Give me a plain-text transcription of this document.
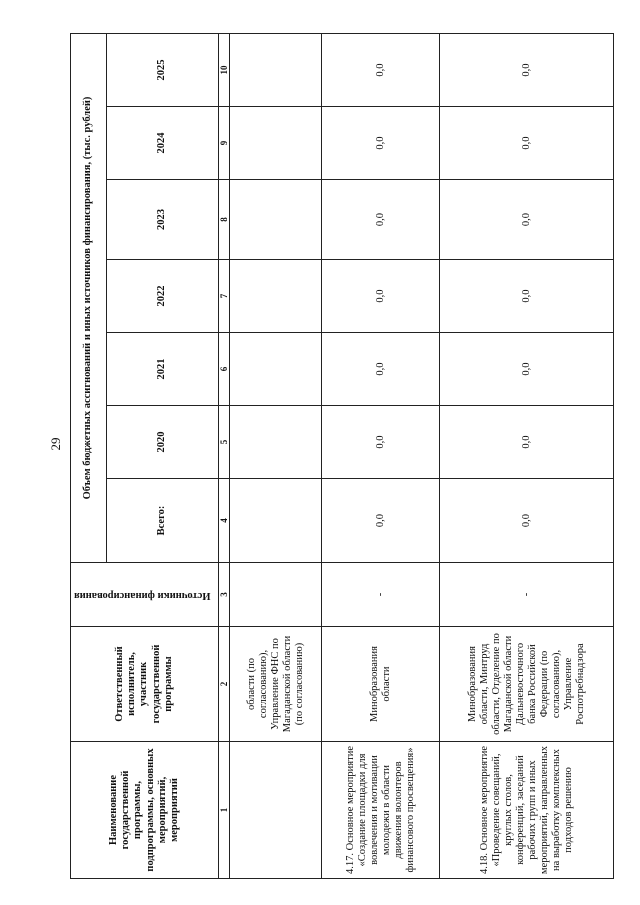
29
Наименование государственной программы, подпрограммы, основных мероприятий, мероприятий	Ответственный исполнитель, участник государственной программы	Источники финансирования	Объем бюджетных ассигнований и иных источников финансирования, (тыс. рублей)						
			Всего:	2020	2021	2022	2023	2024	2025
1	2	3	4	5	6	7	8	9	10
	области (по согласованию), Управление ФНС по Магаданской области (по согласованию)								
4.17. Основное мероприятие «Создание площадки для вовлечения и мотивации молодежи в области движения волонтеров финансового просвещения»	Минобразования области	-	0,0	0,0	0,0	0,0	0,0	0,0	0,0
4.18. Основное мероприятие «Проведение совещаний, круглых столов, конференций, заседаний рабочих групп и иных мероприятий, направленных на выработку комплексных подходов решению	Минобразования области, Минтруд области, Отделение по Магаданской области Дальневосточного банка Российской Федерации (по согласованию), Управление Роспотребнадзора	-	0,0	0,0	0,0	0,0	0,0	0,0	0,0
